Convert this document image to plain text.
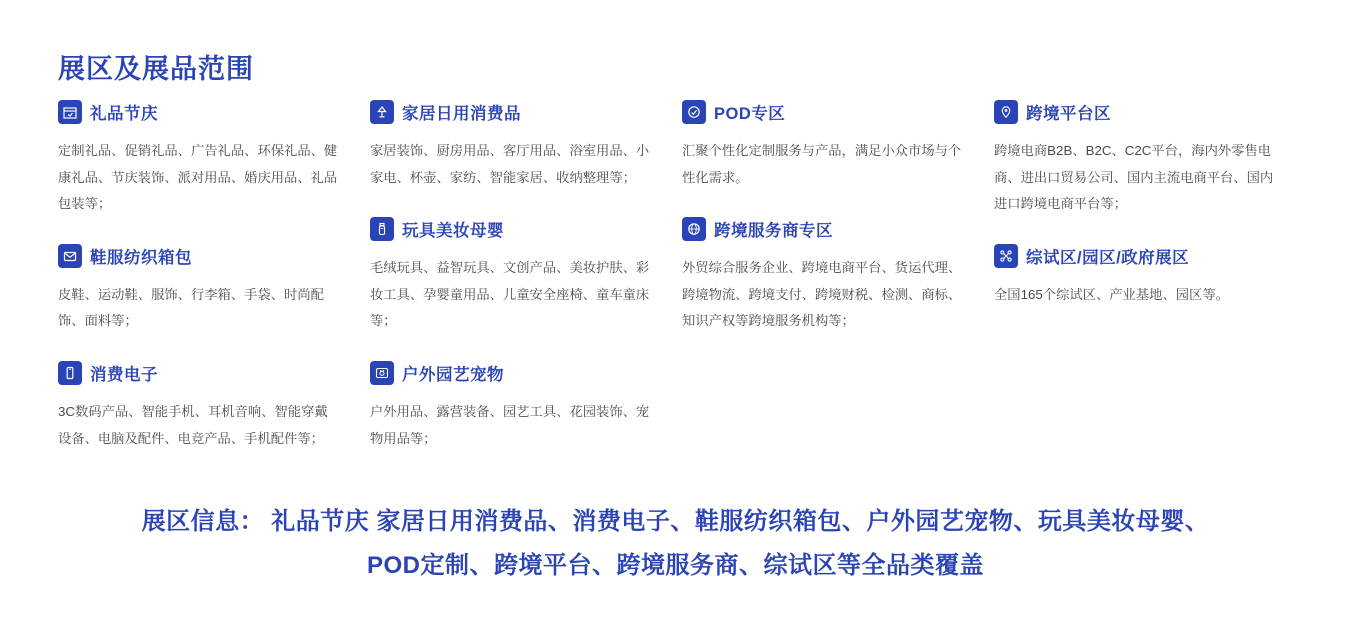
展区及展品范围
礼品节庆
定制礼品、促销礼品、广告礼品、环保礼品、健康礼品、节庆装饰、派对用品、婚庆用品、礼品包装等；
鞋服纺织箱包
皮鞋、运动鞋、服饰、行李箱、手袋、时尚配饰、面料等；
消费电子
3C数码产品、智能手机、耳机音响、智能穿戴设备、电脑及配件、电竞产品、手机配件等；
家居日用消费品
家居装饰、厨房用品、客厅用品、浴室用品、小家电、杯壶、家纺、智能家居、收纳整理等；
玩具美妆母婴
毛绒玩具、益智玩具、文创产品、美妆护肤、彩妆工具、孕婴童用品、儿童安全座椅、童车童床等；
户外园艺宠物
户外用品、露营装备、园艺工具、花园装饰、宠物用品等；
POD专区
汇聚个性化定制服务与产品，满足小众市场与个性化需求。
跨境服务商专区
外贸综合服务企业、跨境电商平台、货运代理、跨境物流、跨境支付、跨境财税、检测、商标、知识产权等跨境服务机构等；
跨境平台区
跨境电商B2B、B2C、C2C平台，海内外零售电商、进出口贸易公司、国内主流电商平台、国内进口跨境电商平台等；
综试区/园区/政府展区
全国165个综试区、产业基地、园区等。
展区信息： 礼品节庆 家居日用消费品、消费电子、鞋服纺织箱包、户外园艺宠物、玩具美妆母婴、
POD定制、跨境平台、跨境服务商、综试区等全品类覆盖
